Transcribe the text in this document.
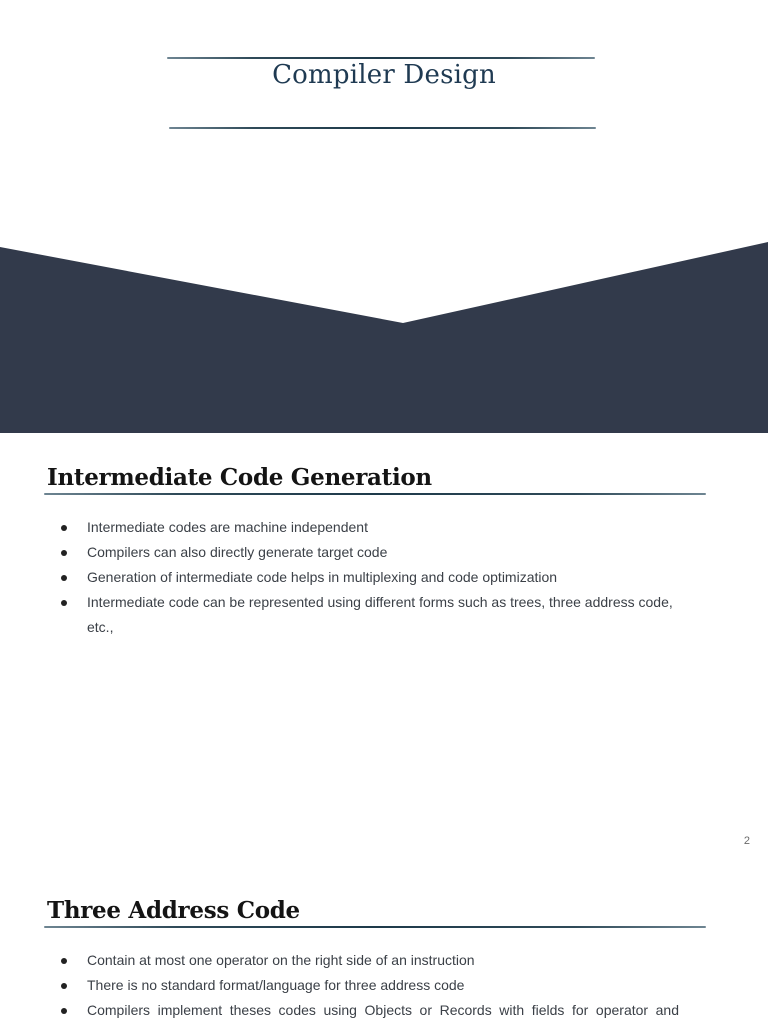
Compiler Design
Intermediate Code Generation
Intermediate codes are machine independent
Compilers can also directly generate target code
Generation of intermediate code helps in multiplexing and code optimization
Intermediate code can be represented using different forms such as trees, three address code, etc.,
2
Three Address Code
Contain at most one operator on the right side of an instruction
There is no standard format/language for three address code
Compilers implement theses codes using Objects or Records with fields for operator and
